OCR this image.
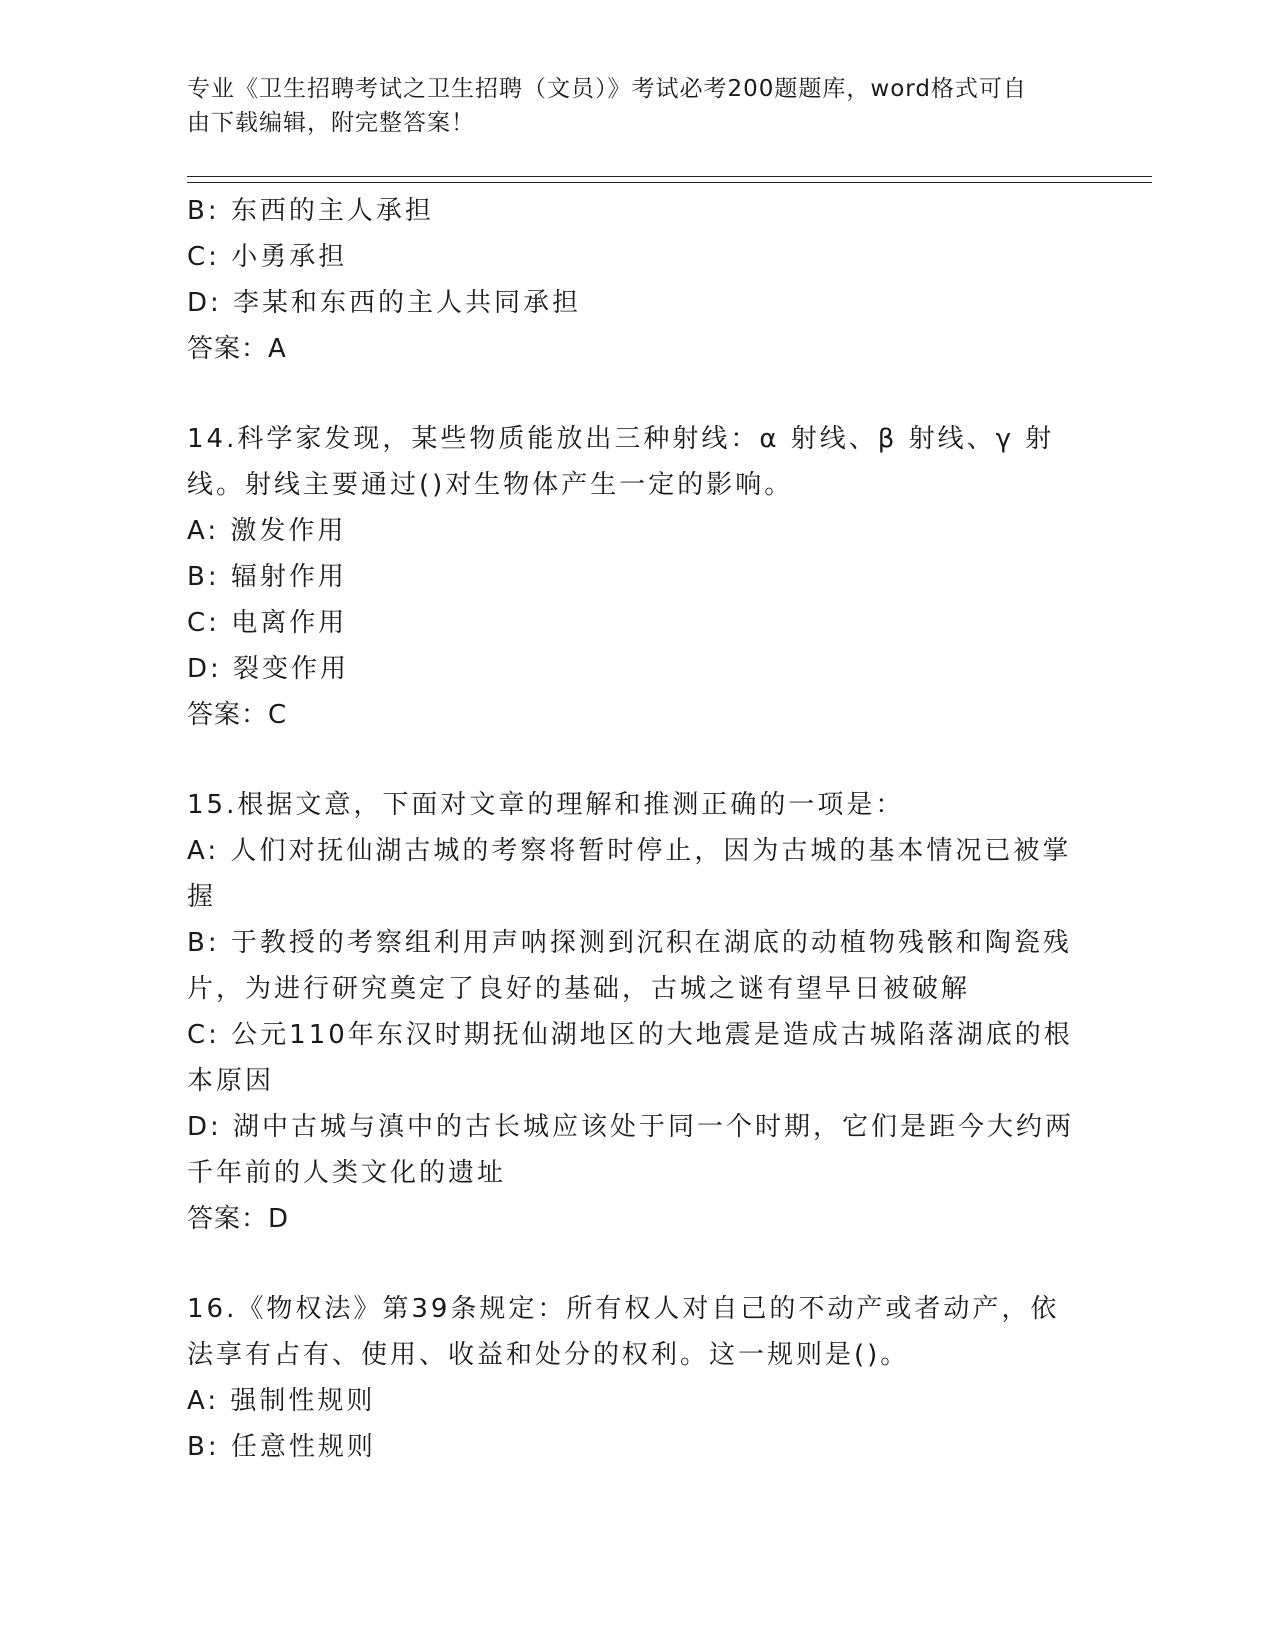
专业《卫生招聘考试之卫生招聘（文员）》考试必考200题题库，word格式可自
由下载编辑，附完整答案！
B: 东西的主人承担
C: 小勇承担
D: 李某和东西的主人共同承担
答案：A
14.科学家发现，某些物质能放出三种射线：α 射线、β 射线、γ 射
线。射线主要通过()对生物体产生一定的影响。
A: 激发作用
B: 辐射作用
C: 电离作用
D: 裂变作用
答案：C
15.根据文意，下面对文章的理解和推测正确的一项是：
A: 人们对抚仙湖古城的考察将暂时停止，因为古城的基本情况已被掌
握
B: 于教授的考察组利用声呐探测到沉积在湖底的动植物残骸和陶瓷残
片，为进行研究奠定了良好的基础，古城之谜有望早日被破解
C: 公元110年东汉时期抚仙湖地区的大地震是造成古城陷落湖底的根
本原因
D: 湖中古城与滇中的古长城应该处于同一个时期，它们是距今大约两
千年前的人类文化的遗址
答案：D
16.《物权法》第39条规定：所有权人对自己的不动产或者动产，依
法享有占有、使用、收益和处分的权利。这一规则是()。
A: 强制性规则
B: 任意性规则
